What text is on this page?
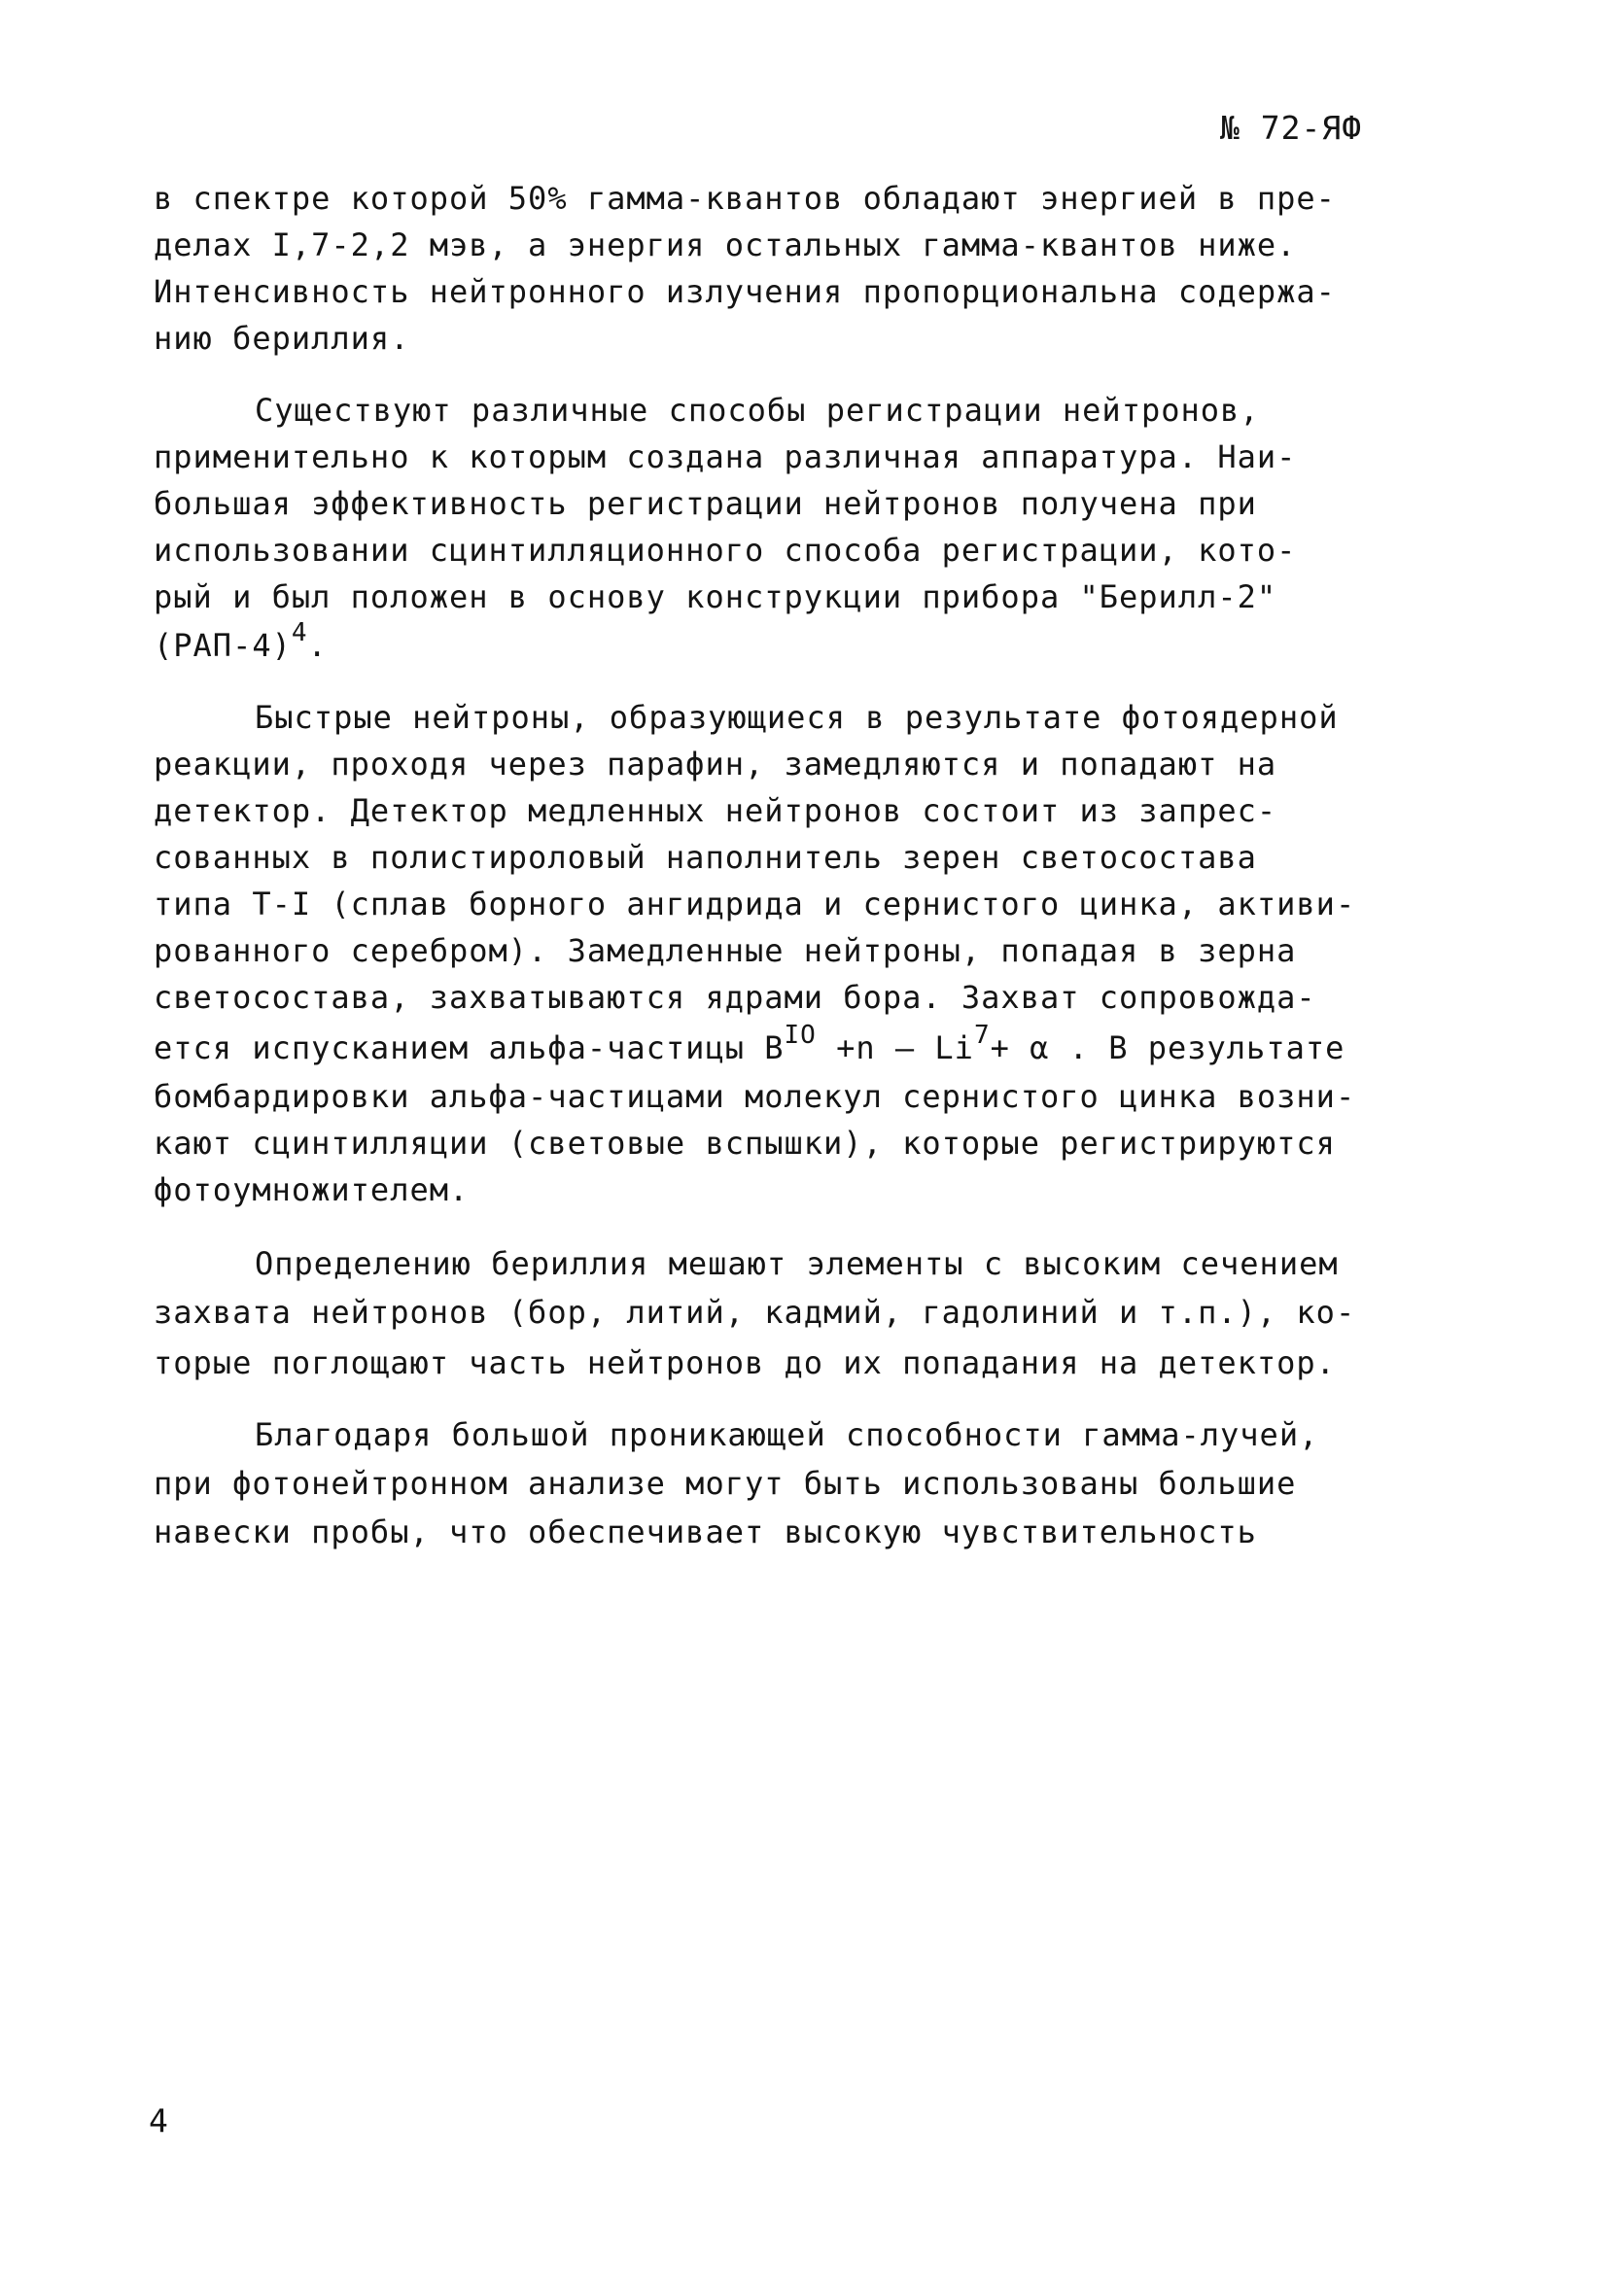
№ 72-ЯФ
в спектре которой 50% гамма-квантов обладают энергией в пре-
делах I,7-2,2 мэв, а энергия остальных гамма-квантов ниже.
Интенсивность нейтронного излучения пропорциональна содержа-
нию бериллия.
Существуют различные способы регистрации нейтронов,
применительно к которым создана различная аппаратура. Наи-
большая эффективность регистрации нейтронов получена при
использовании сцинтилляционного способа регистрации, кото-
рый и был положен в основу конструкции прибора "Берилл-2"
$(РАП-4)^4$.
Быстрые нейтроны, образующиеся в результате фотоядерной
реакции, проходя через парафин, замедляются и попадают на
детектор. Детектор медленных нейтронов состоит из запрес-
сованных в полистироловый наполнитель зерен светосостава
типа Т-I (сплав борного ангидрида и сернистого цинка, активи-
рованного серебром). Замедленные нейтроны, попадая в зерна
светосостава, захватываются ядрами бора. Захват сопровожда-
ется испусканием альфа-частицы $B^{IO} +n$ — $Li^7+ \alpha$ . В результате
бомбардировки альфа-частицами молекул сернистого цинка возни-
кают сцинтилляции (световые вспышки), которые регистрируются
фотоумножителем.
Определению бериллия мешают элементы с высоким сечением
захвата нейтронов (бор, литий, кадмий, гадолиний и т.п.), ко-
торые поглощают часть нейтронов до их попадания на детектор.
Благодаря большой проникающей способности гамма-лучей,
при фотонейтронном анализе могут быть использованы большие
навески пробы, что обеспечивает высокую чувствительность
4
